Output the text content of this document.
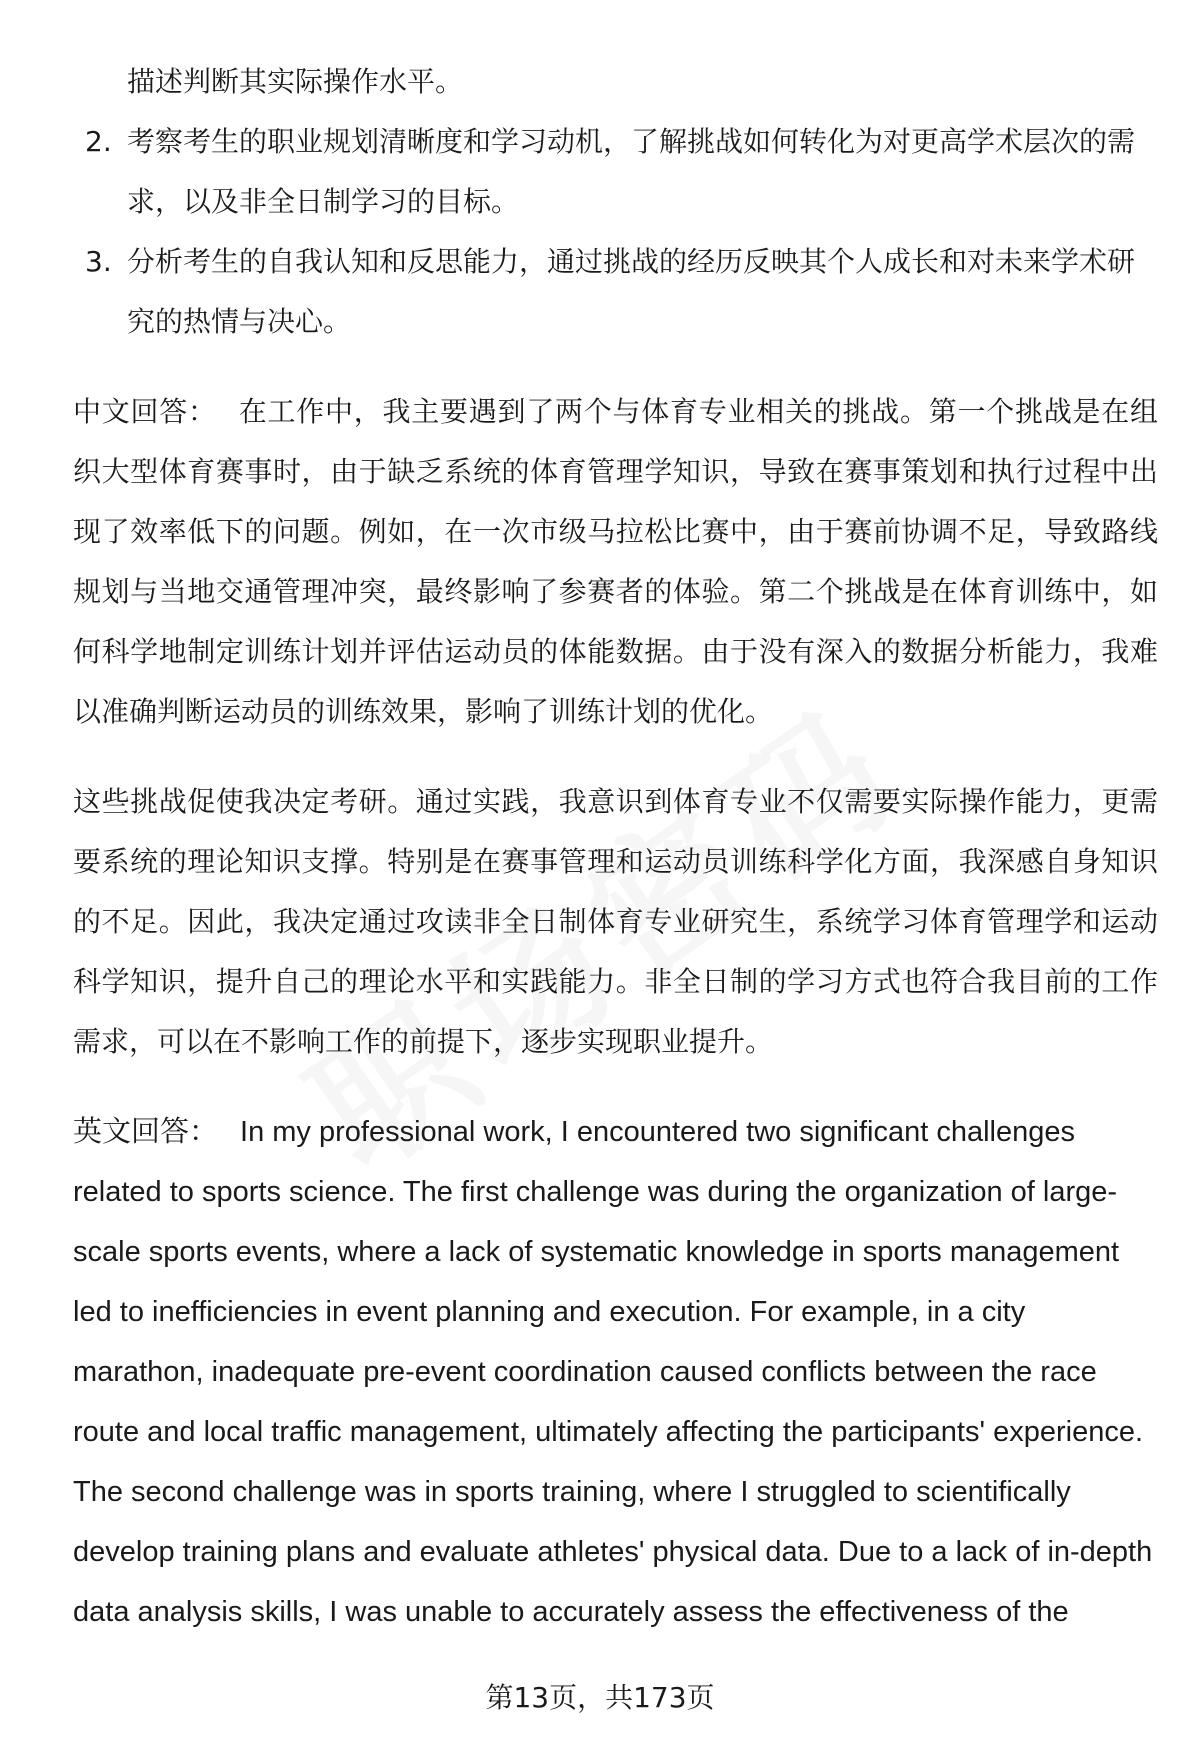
描述判断其实际操作水平。

2. 考察考生的职业规划清晰度和学习动机，了解挑战如何转化为对更高学术层次的需求，以及非全日制学习的目标。
3. 分析考生的自我认知和反思能力，通过挑战的经历反映其个人成长和对未来学术研究的热情与决心。

中文回答： 在工作中，我主要遇到了两个与体育专业相关的挑战。第一个挑战是在组织大型体育赛事时，由于缺乏系统的体育管理学知识，导致在赛事策划和执行过程中出现了效率低下的问题。例如，在一次市级马拉松比赛中，由于赛前协调不足，导致路线规划与当地交通管理冲突，最终影响了参赛者的体验。第二个挑战是在体育训练中，如何科学地制定训练计划并评估运动员的体能数据。由于没有深入的数据分析能力，我难以准确判断运动员的训练效果，影响了训练计划的优化。

这些挑战促使我决定考研。通过实践，我意识到体育专业不仅需要实际操作能力，更需要系统的理论知识支撑。特别是在赛事管理和运动员训练科学化方面，我深感自身知识的不足。因此，我决定通过攻读非全日制体育专业研究生，系统学习体育管理学和运动科学知识，提升自己的理论水平和实践能力。非全日制的学习方式也符合我目前的工作需求，可以在不影响工作的前提下，逐步实现职业提升。

英文回答： In my professional work, I encountered two significant challenges related to sports science. The first challenge was during the organization of large-scale sports events, where a lack of systematic knowledge in sports management led to inefficiencies in event planning and execution. For example, in a city marathon, inadequate pre-event coordination caused conflicts between the race route and local traffic management, ultimately affecting the participants' experience. The second challenge was in sports training, where I struggled to scientifically develop training plans and evaluate athletes' physical data. Due to a lack of in-depth data analysis skills, I was unable to accurately assess the effectiveness of the

第13页，共173页
